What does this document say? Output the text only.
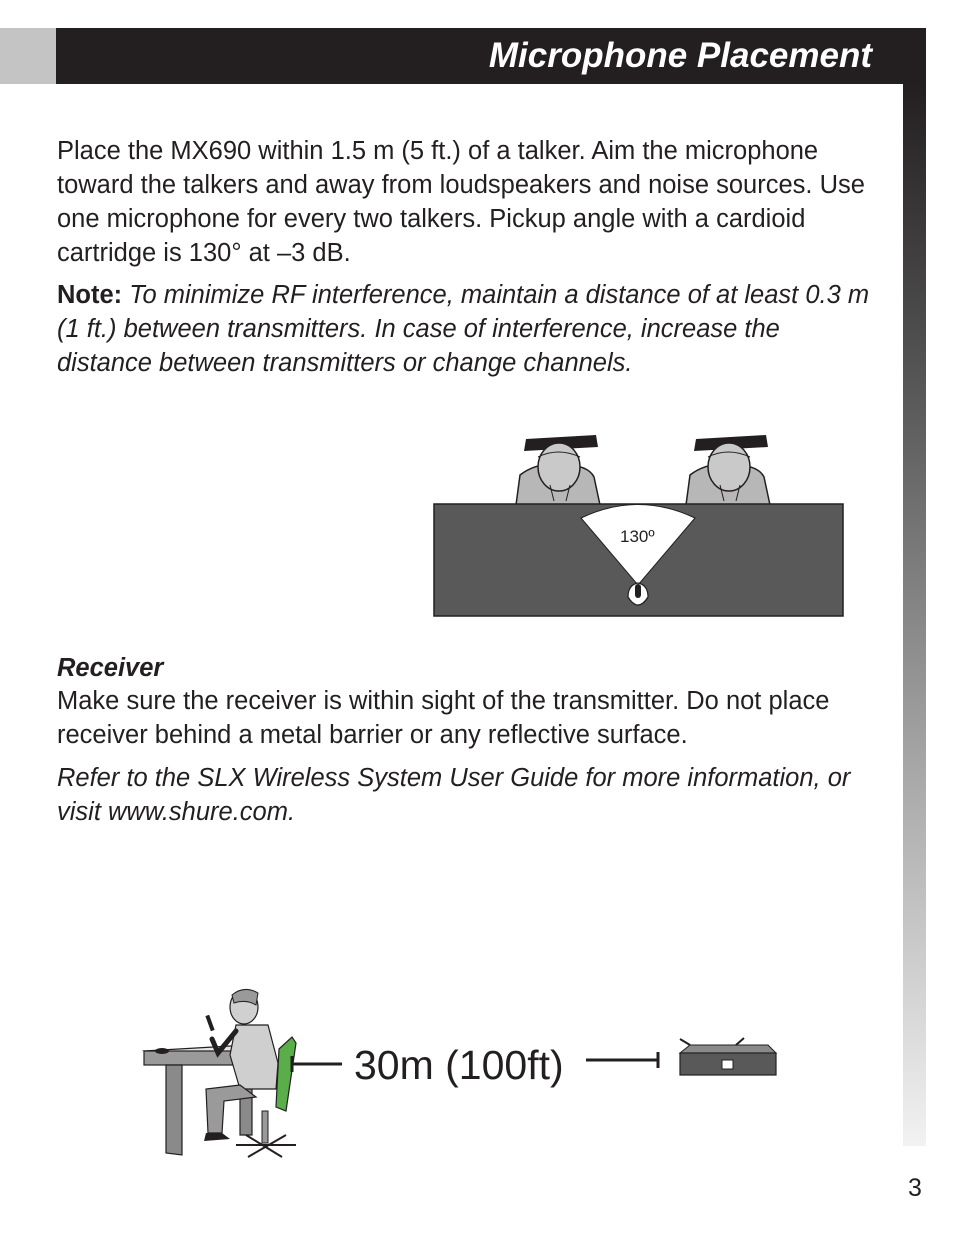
Microphone Placement

Place the MX690 within 1.5 m (5 ft.) of a talker. Aim the microphone toward the talkers and away from loudspeakers and noise sources. Use one microphone for every two talkers. Pickup angle with a cardioid cartridge is 130° at –3 dB.

Note: To minimize RF interference, maintain a distance of at least 0.3 m (1 ft.) between transmitters. In case of interference, increase the distance between transmitters or change channels.

130º
Receiver

Make sure the receiver is within sight of the transmitter. Do not place receiver behind a metal barrier or any reflective surface.

Refer to the SLX Wireless System User Guide for more information, or visit www.shure.com.

30m (100ft)

3
